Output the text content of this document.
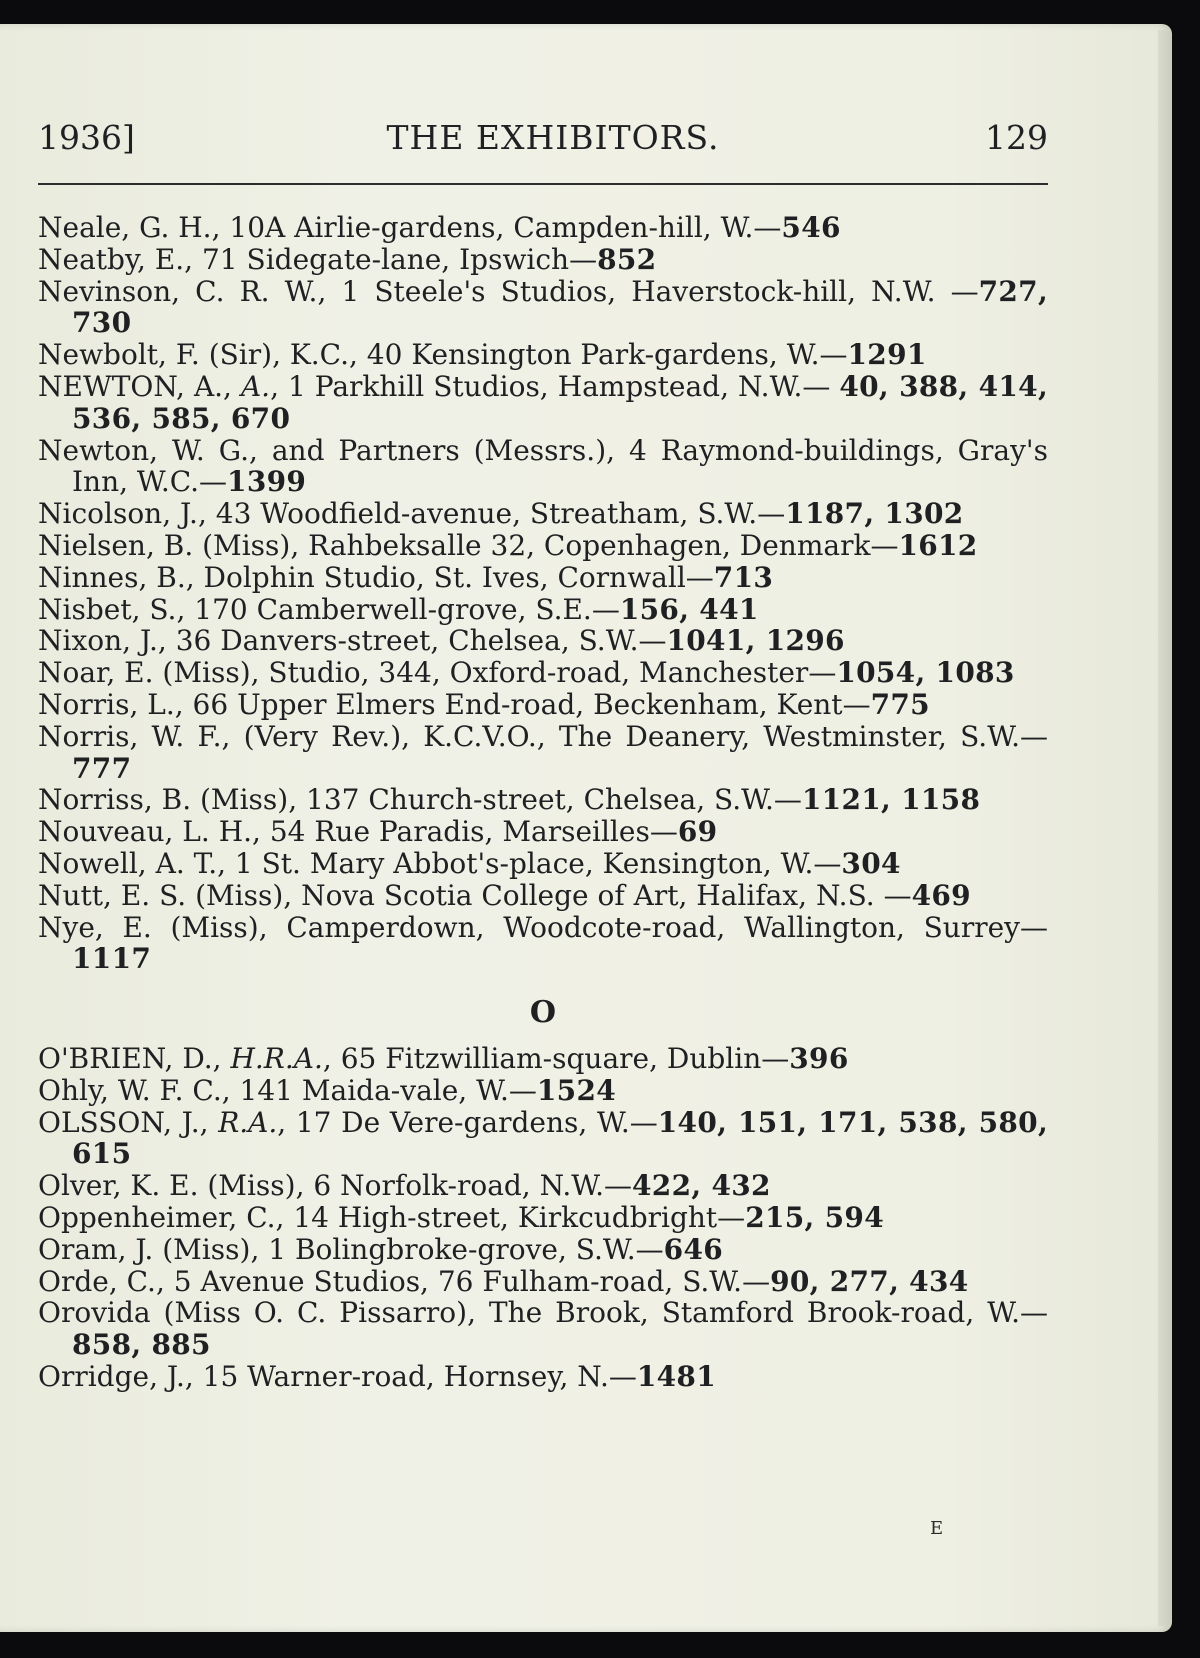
1936]	THE EXHIBITORS.	129

Neale, G. H., 10A Airlie-gardens, Campden-hill, W.—546

Neatby, E., 71 Sidegate-lane, Ipswich—852

Nevinson, C. R. W., 1 Steele's Studios, Haverstock-hill, N.W. —727, 730

Newbolt, F. (Sir), K.C., 40 Kensington Park-gardens, W.—1291

NEWTON, A., A., 1 Parkhill Studios, Hampstead, N.W.— 40, 388, 414, 536, 585, 670

Newton, W. G., and Partners (Messrs.), 4 Raymond-buildings, Gray's Inn, W.C.—1399

Nicolson, J., 43 Woodfield-avenue, Streatham, S.W.—1187, 1302

Nielsen, B. (Miss), Rahbeksalle 32, Copenhagen, Denmark—1612

Ninnes, B., Dolphin Studio, St. Ives, Cornwall—713

Nisbet, S., 170 Camberwell-grove, S.E.—156, 441

Nixon, J., 36 Danvers-street, Chelsea, S.W.—1041, 1296

Noar, E. (Miss), Studio, 344, Oxford-road, Manchester—1054, 1083

Norris, L., 66 Upper Elmers End-road, Beckenham, Kent—775

Norris, W. F., (Very Rev.), K.C.V.O., The Deanery, Westminster, S.W.—777

Norriss, B. (Miss), 137 Church-street, Chelsea, S.W.—1121, 1158

Nouveau, L. H., 54 Rue Paradis, Marseilles—69

Nowell, A. T., 1 St. Mary Abbot's-place, Kensington, W.—304

Nutt, E. S. (Miss), Nova Scotia College of Art, Halifax, N.S. —469

Nye, E. (Miss), Camperdown, Woodcote-road, Wallington, Surrey—1117

O

O'BRIEN, D., H.R.A., 65 Fitzwilliam-square, Dublin—396

Ohly, W. F. C., 141 Maida-vale, W.—1524

OLSSON, J., R.A., 17 De Vere-gardens, W.—140, 151, 171, 538, 580, 615

Olver, K. E. (Miss), 6 Norfolk-road, N.W.—422, 432

Oppenheimer, C., 14 High-street, Kirkcudbright—215, 594

Oram, J. (Miss), 1 Bolingbroke-grove, S.W.—646

Orde, C., 5 Avenue Studios, 76 Fulham-road, S.W.—90, 277, 434

Orovida (Miss O. C. Pissarro), The Brook, Stamford Brook-road, W.—858, 885

Orridge, J., 15 Warner-road, Hornsey, N.—1481

E
